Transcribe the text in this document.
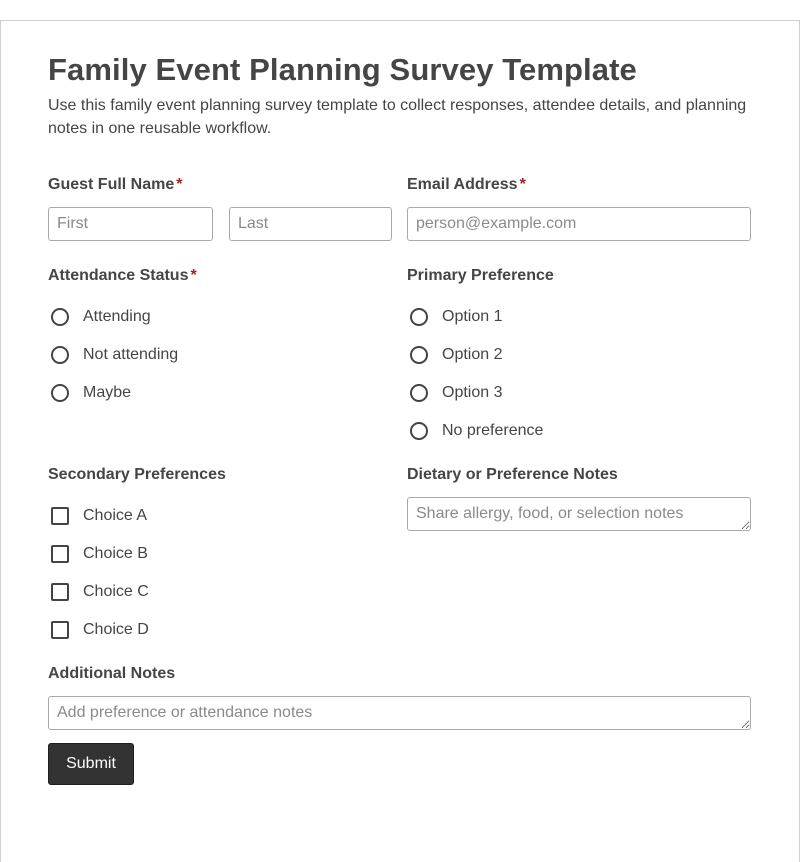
Family Event Planning Survey Template

Use this family event planning survey template to collect responses, attendee details, and planning notes in one reusable workflow.

Guest Full Name *
First
Last	Email Address *
person@example.com
Attendance Status *
Attending
Not attending
Maybe
Primary Preference
Option 1
Option 2
Option 3
No preference
Secondary Preferences
Choice A
Choice B
Choice C
Choice D
Dietary or Preference Notes
Share allergy, food, or selection notes
Additional Notes
Add preference or attendance notes
Submit
